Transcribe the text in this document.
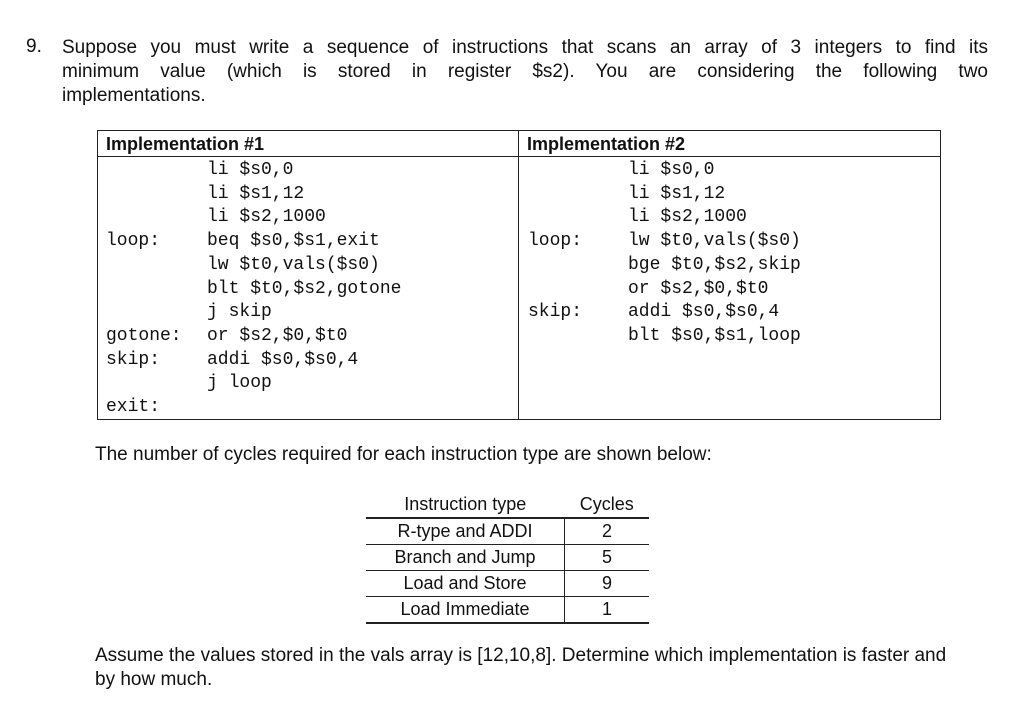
9. Suppose you must write a sequence of instructions that scans an array of 3 integers to find its
minimum value (which is stored in register $s2). You are considering the following two
implementations.
Implementation #1
li $s0,0
li $s1,12
li $s2,1000
loop:	beq $s0,$s1,exit
lw $t0,vals($s0)
blt $t0,$s2,gotone
j skip
gotone: or $s2,$0,$t0
skip:	addi $s0,$s0,4
j loop
exit:
Implementation #2
li $s0,0
li $s1,12
li $s2,1000
loop:	lw $t0,vals($s0)
bge $t0,$s2,skip
or $s2,$0,$t0
skip:	addi $s0,$s0,4
blt $s0,$s1,loop
The number of cycles required for each instruction type are shown below:
Instruction type	Cycles
R-type and ADDI	2
Branch and Jump	5
Load and Store	9
Load Immediate	1
Assume the values stored in the vals array is [12,10,8]. Determine which implementation is faster and by how much.
